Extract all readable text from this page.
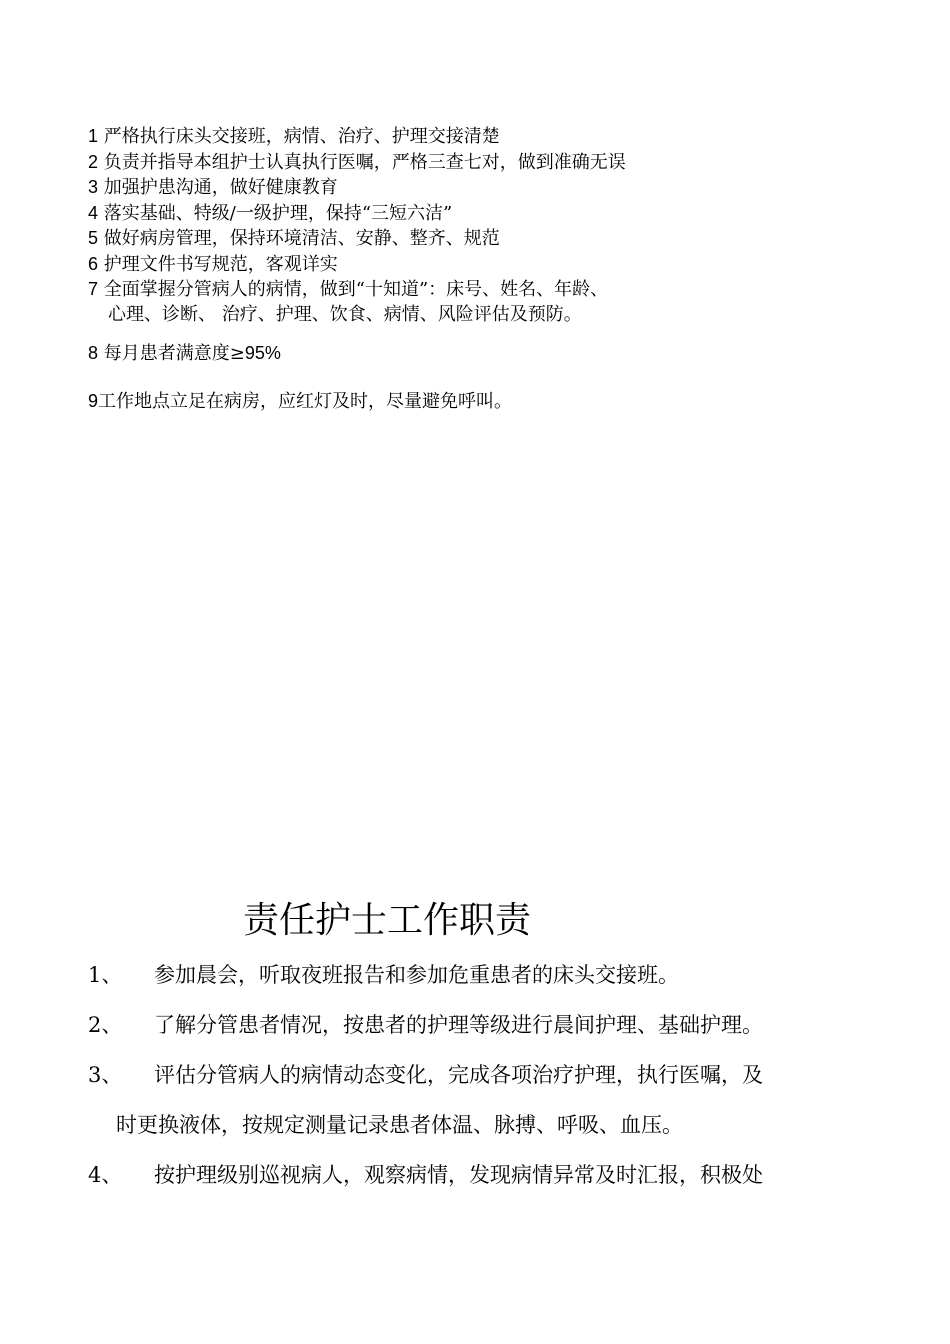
1 严格执行床头交接班，病情、治疗、护理交接清楚
2 负责并指导本组护士认真执行医嘱，严格三查七对，做到准确无误
3 加强护患沟通，做好健康教育
4 落实基础、特级/一级护理，保持“三短六洁”
5 做好病房管理，保持环境清洁、安静、整齐、规范
6 护理文件书写规范，客观详实
7 全面掌握分管病人的病情，做到“十知道”：床号、姓名、年龄、
心理、诊断、 治疗、护理、饮食、病情、风险评估及预防。
8 每月患者满意度≥95%
9工作地点立足在病房，应红灯及时，尽量避免呼叫。
责任护士工作职责
1、 参加晨会，听取夜班报告和参加危重患者的床头交接班。
2、 了解分管患者情况，按患者的护理等级进行晨间护理、基础护理。
3、 评估分管病人的病情动态变化，完成各项治疗护理，执行医嘱，及
时更换液体，按规定测量记录患者体温、脉搏、呼吸、血压。
4、 按护理级别巡视病人，观察病情，发现病情异常及时汇报，积极处
